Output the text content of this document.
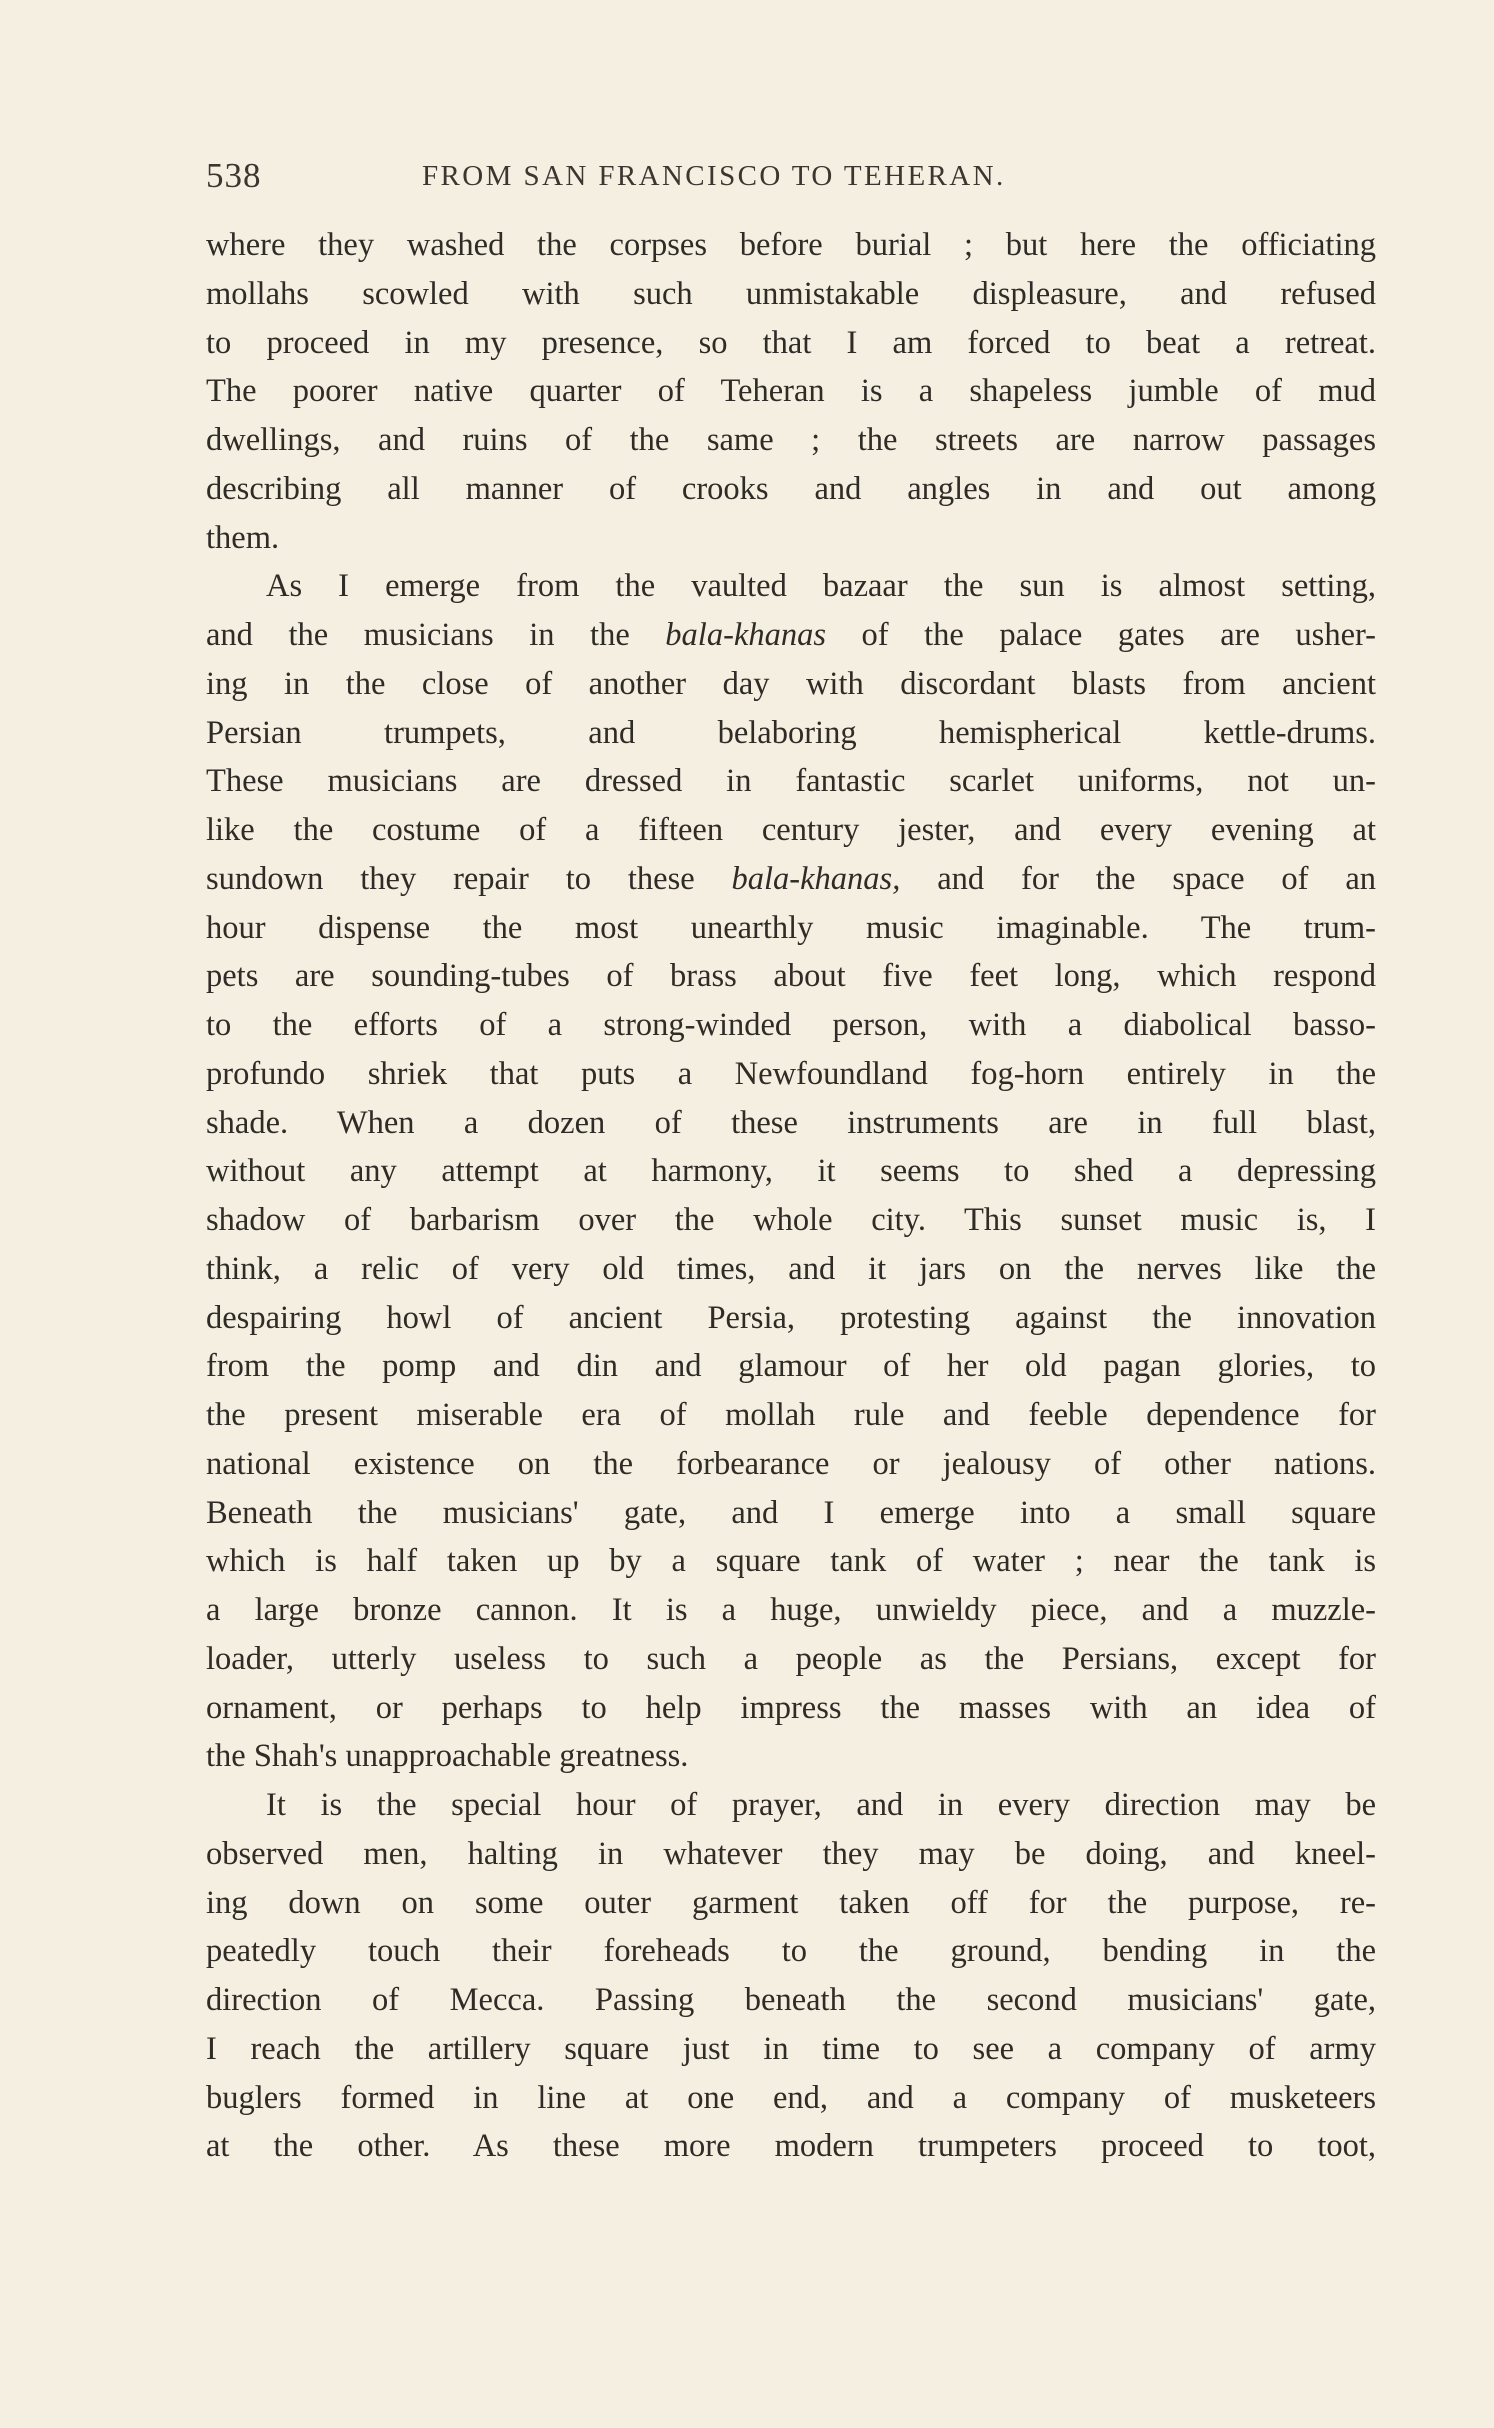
538	FROM SAN FRANCISCO TO TEHERAN.
where they washed the corpses before burial ; but here the officiating
mollahs scowled with such unmistakable displeasure, and refused
to proceed in my presence, so that I am forced to beat a retreat.
The poorer native quarter of Teheran is a shapeless jumble of mud
dwellings, and ruins of the same ; the streets are narrow passages
describing all manner of crooks and angles in and out among
them.
As I emerge from the vaulted bazaar the sun is almost setting,
and the musicians in the bala-khanas of the palace gates are usher-
ing in the close of another day with discordant blasts from ancient
Persian trumpets, and belaboring hemispherical kettle-drums.
These musicians are dressed in fantastic scarlet uniforms, not un-
like the costume of a fifteen century jester, and every evening at
sundown they repair to these bala-khanas, and for the space of an
hour dispense the most unearthly music imaginable. The trum-
pets are sounding-tubes of brass about five feet long, which respond
to the efforts of a strong-winded person, with a diabolical basso-
profundo shriek that puts a Newfoundland fog-horn entirely in the
shade. When a dozen of these instruments are in full blast,
without any attempt at harmony, it seems to shed a depressing
shadow of barbarism over the whole city. This sunset music is, I
think, a relic of very old times, and it jars on the nerves like the
despairing howl of ancient Persia, protesting against the innovation
from the pomp and din and glamour of her old pagan glories, to
the present miserable era of mollah rule and feeble dependence for
national existence on the forbearance or jealousy of other nations.
Beneath the musicians' gate, and I emerge into a small square
which is half taken up by a square tank of water ; near the tank is
a large bronze cannon. It is a huge, unwieldy piece, and a muzzle-
loader, utterly useless to such a people as the Persians, except for
ornament, or perhaps to help impress the masses with an idea of
the Shah's unapproachable greatness.
It is the special hour of prayer, and in every direction may be
observed men, halting in whatever they may be doing, and kneel-
ing down on some outer garment taken off for the purpose, re-
peatedly touch their foreheads to the ground, bending in the
direction of Mecca. Passing beneath the second musicians' gate,
I reach the artillery square just in time to see a company of army
buglers formed in line at one end, and a company of musketeers
at the other. As these more modern trumpeters proceed to toot,
